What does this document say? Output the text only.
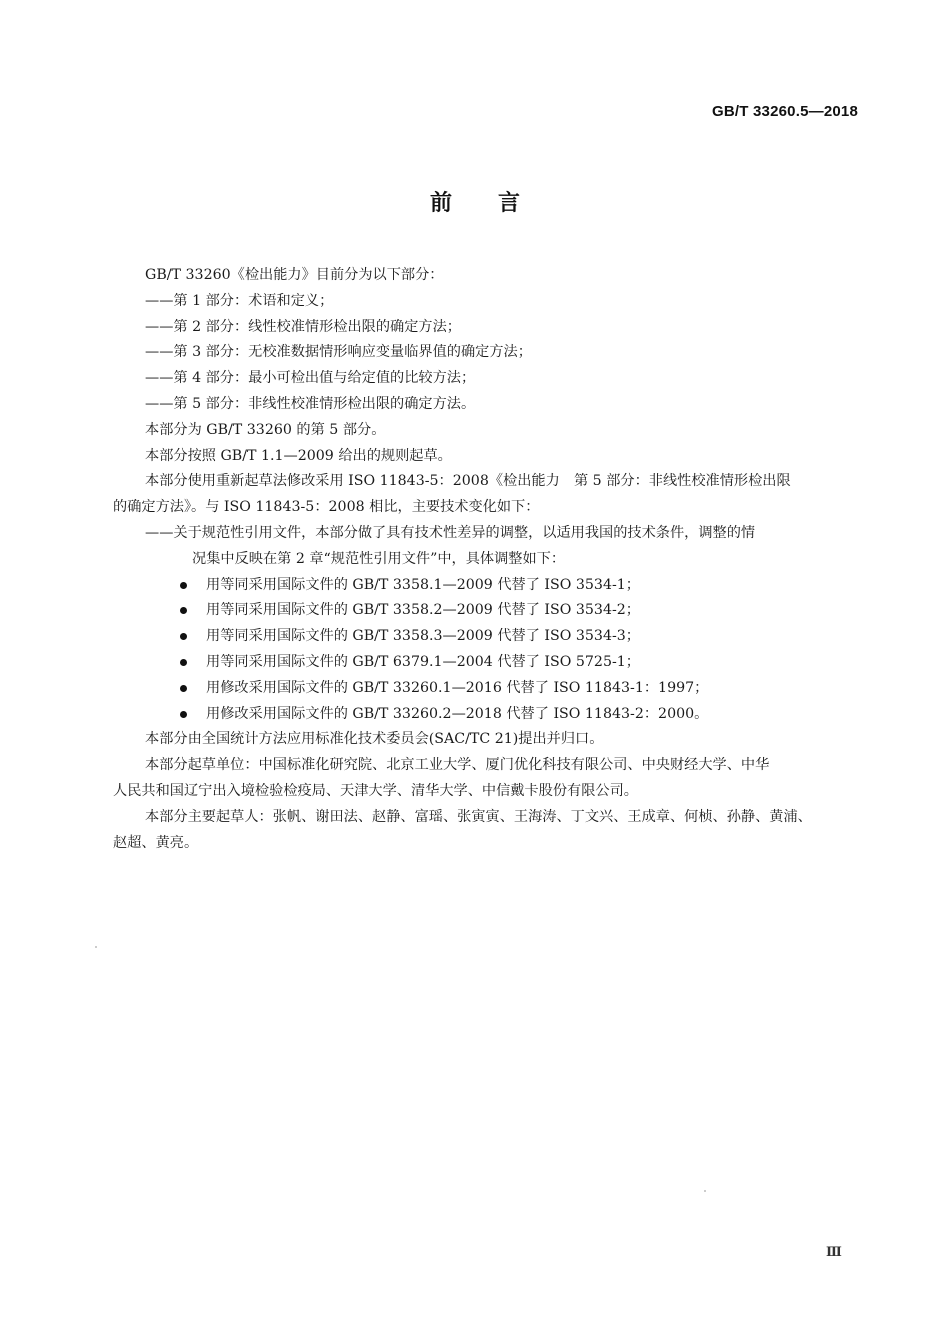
GB/T 33260.5—2018
前言
GB/T 33260《检出能力》目前分为以下部分：
——第 1 部分：术语和定义；
——第 2 部分：线性校准情形检出限的确定方法；
——第 3 部分：无校准数据情形响应变量临界值的确定方法；
——第 4 部分：最小可检出值与给定值的比较方法；
——第 5 部分：非线性校准情形检出限的确定方法。
本部分为 GB/T 33260 的第 5 部分。
本部分按照 GB/T 1.1—2009 给出的规则起草。
本部分使用重新起草法修改采用 ISO 11843-5：2008《检出能力　第 5 部分：非线性校准情形检出限
的确定方法》。与 ISO 11843-5：2008 相比，主要技术变化如下：
——关于规范性引用文件，本部分做了具有技术性差异的调整，以适用我国的技术条件，调整的情
况集中反映在第 2 章“规范性引用文件”中，具体调整如下：
用等同采用国际文件的 GB/T 3358.1—2009 代替了 ISO 3534-1；
用等同采用国际文件的 GB/T 3358.2—2009 代替了 ISO 3534-2；
用等同采用国际文件的 GB/T 3358.3—2009 代替了 ISO 3534-3；
用等同采用国际文件的 GB/T 6379.1—2004 代替了 ISO 5725-1；
用修改采用国际文件的 GB/T 33260.1—2016 代替了 ISO 11843-1：1997；
用修改采用国际文件的 GB/T 33260.2—2018 代替了 ISO 11843-2：2000。
本部分由全国统计方法应用标准化技术委员会(SAC/TC 21)提出并归口。
本部分起草单位：中国标准化研究院、北京工业大学、厦门优化科技有限公司、中央财经大学、中华
人民共和国辽宁出入境检验检疫局、天津大学、清华大学、中信戴卡股份有限公司。
本部分主要起草人：张帆、谢田法、赵静、富瑶、张寅寅、王海涛、丁文兴、王成章、何桢、孙静、黄浦、
赵超、黄亮。
Ⅲ
